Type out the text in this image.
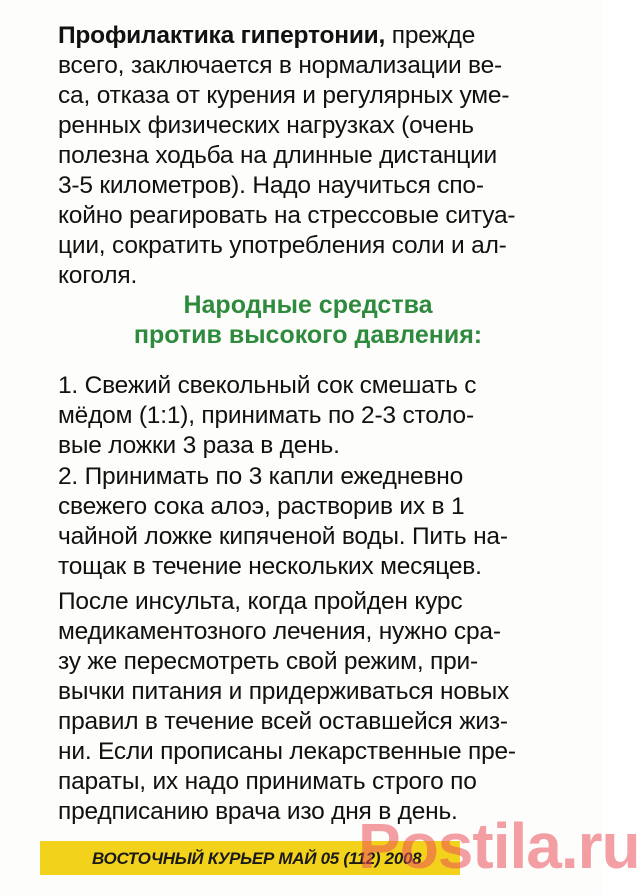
Профилактика гипертонии, прежде
всего, заключается в нормализации ве-
са, отказа от курения и регулярных уме-
ренных физических нагрузках (очень
полезна ходьба на длинные дистанции
3-5 километров). Надо научиться спо-
койно реагировать на стрессовые ситуа-
ции, сократить употребления соли и ал-
коголя.
Народные средства
против высокого давления:
1. Свежий свекольный сок смешать с
мёдом (1:1), принимать по 2-3 столо-
вые ложки 3 раза в день.
2. Принимать по 3 капли ежедневно
свежего сока алоэ, растворив их в 1
чайной ложке кипяченой воды. Пить на-
тощак в течение нескольких месяцев.
После инсульта, когда пройден курс
медикаментозного лечения, нужно сра-
зу же пересмотреть свой режим, при-
вычки питания и придерживаться новых
правил в течение всей оставшейся жиз-
ни. Если прописаны лекарственные пре-
параты, их надо принимать строго по
предписанию врача изо дня в день.
ВОСТОЧНЫЙ КУРЬЕР МАЙ 05 (112) 2008
Postila.ru
